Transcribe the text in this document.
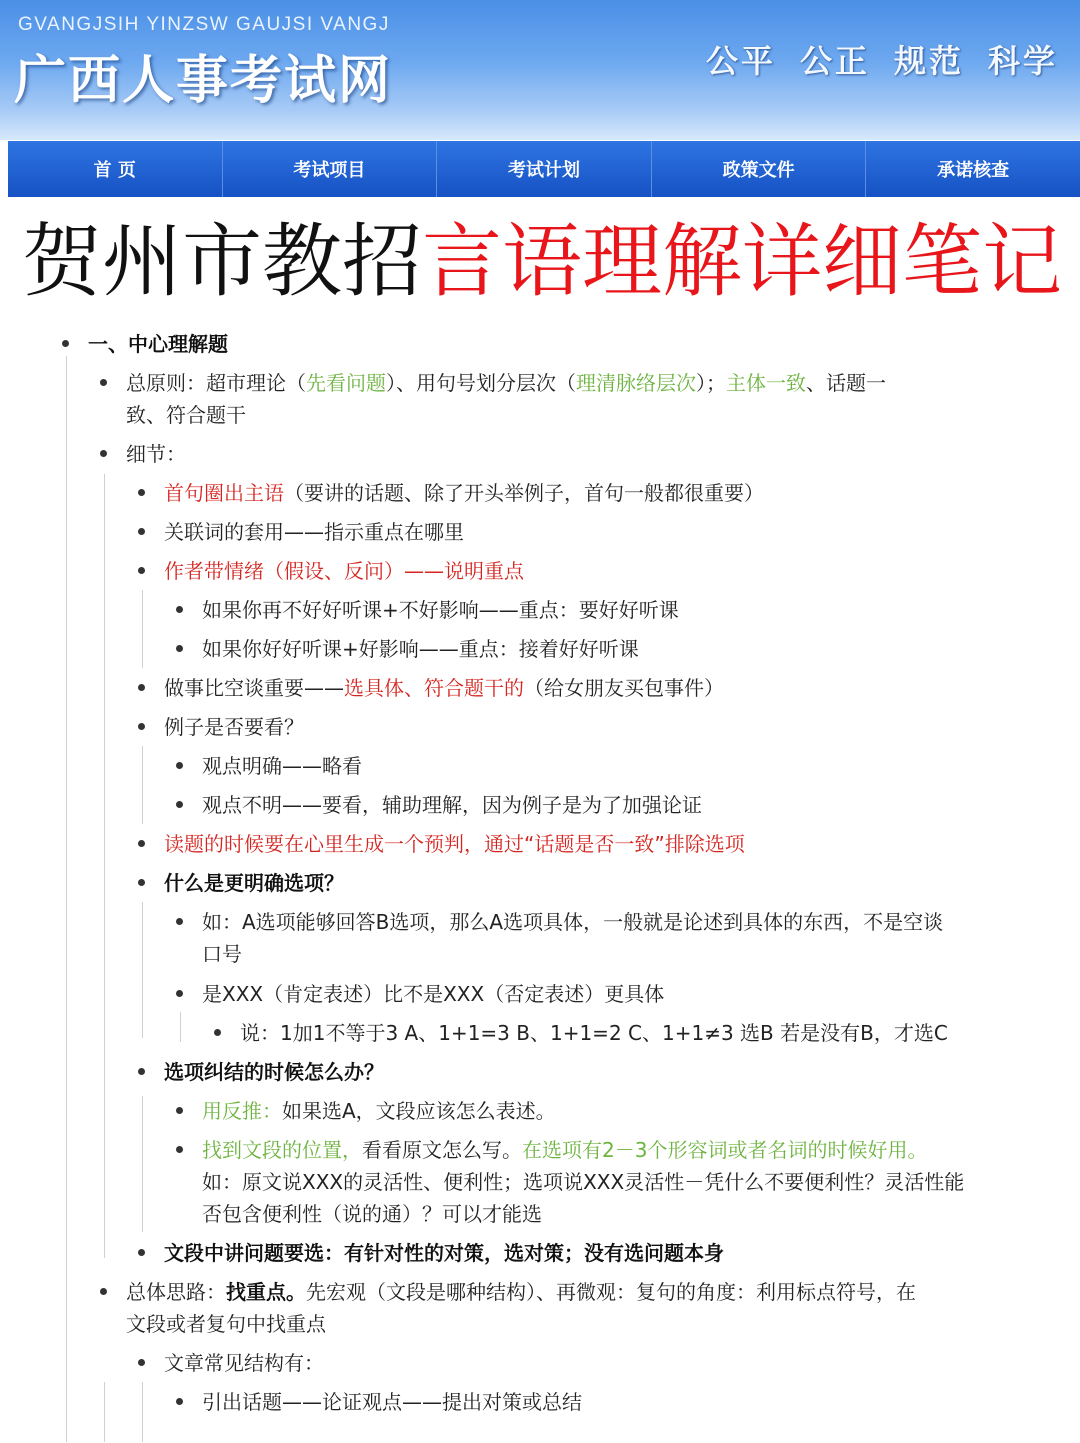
GVANGJSIH YINZSW GAUJSI VANGJ
广西人事考试网	公平 公正 规范 科学
首 页	考试项目	考试计划	政策文件	承诺核查
贺州市教招言语理解详细笔记
一、中心理解题
总原则：超市理论（先看问题）、用句号划分层次（理清脉络层次）；主体一致、话题一
致、符合题干
细节：
首句圈出主语（要讲的话题、除了开头举例子，首句一般都很重要）
关联词的套用——指示重点在哪里
作者带情绪（假设、反问）——说明重点
如果你再不好好听课+不好影响——重点：要好好听课
如果你好好听课+好影响——重点：接着好好听课
做事比空谈重要——选具体、符合题干的（给女朋友买包事件）
例子是否要看？
观点明确——略看
观点不明——要看，辅助理解，因为例子是为了加强论证
读题的时候要在心里生成一个预判，通过“话题是否一致”排除选项
什么是更明确选项？
如：A选项能够回答B选项，那么A选项具体，一般就是论述到具体的东西，不是空谈
口号
是XXX（肯定表述）比不是XXX（否定表述）更具体
说：1加1不等于3 A、1+1=3 B、1+1=2 C、1+1≠3 选B 若是没有B，才选C
选项纠结的时候怎么办？
用反推：如果选A，文段应该怎么表述。
找到文段的位置，看看原文怎么写。在选项有2－3个形容词或者名词的时候好用。
如：原文说XXX的灵活性、便利性；选项说XXX灵活性－凭什么不要便利性？灵活性能
否包含便利性（说的通）？可以才能选
文段中讲问题要选：有针对性的对策，选对策；没有选问题本身
总体思路：找重点。先宏观（文段是哪种结构）、再微观：复句的角度：利用标点符号，在
文段或者复句中找重点
文章常见结构有：
引出话题——论证观点——提出对策或总结
